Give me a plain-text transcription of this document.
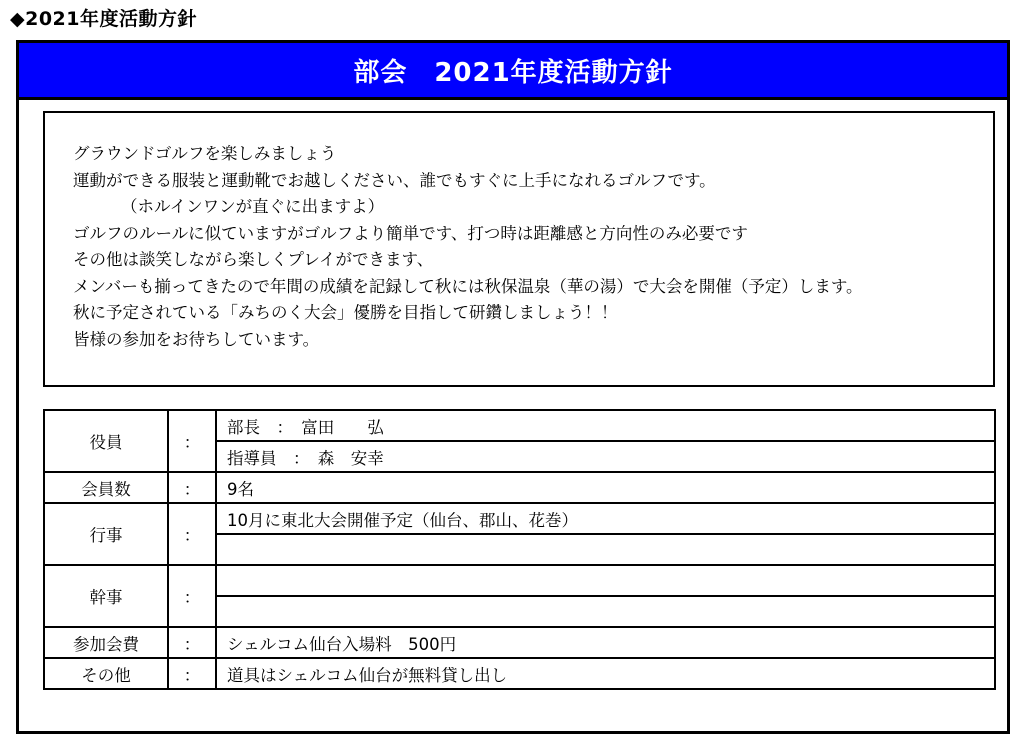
◆2021年度活動方針
部会　2021年度活動方針
グラウンドゴルフを楽しみましょう
運動ができる服装と運動靴でお越しください、誰でもすぐに上手になれるゴルフです。
（ホルインワンが直ぐに出ますよ）
ゴルフのルールに似ていますがゴルフより簡単です、打つ時は距離感と方向性のみ必要です
その他は談笑しながら楽しくプレイができます、
メンバーも揃ってきたので年間の成績を記録して秋には秋保温泉（華の湯）で大会を開催（予定）します。
秋に予定されている「みちのく大会」優勝を目指して研鑽しましょう！！
皆様の参加をお待ちしています。
役員	：	部長　：　富田　　弘
		指導員　：　森　安幸
会員数	：	9名
行事	：	10月に東北大会開催予定（仙台、郡山、花巻）

幹事	：	

参加会費	：	シェルコム仙台入場料　500円
その他	：	道具はシェルコム仙台が無料貸し出し
